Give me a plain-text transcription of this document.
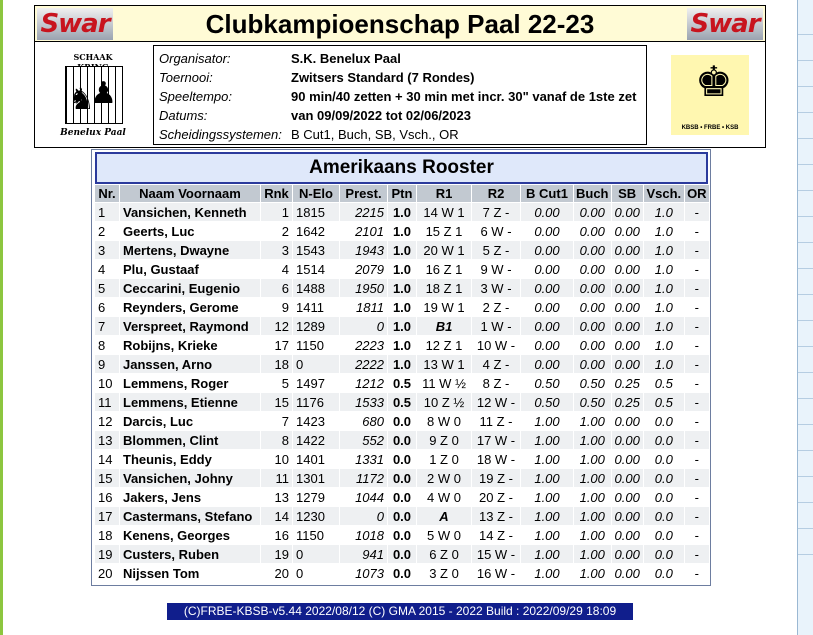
Swar	Clubkampioenschap Paal 22-23	Swar
SCHAAK
♞
♟
Benelux Paal
Organisator:	S.K. Benelux Paal
Toernooi:	Zwitsers Standard (7 Rondes)
Speeltempo:	90 min/40 zetten + 30 min met incr. 30" vanaf de 1ste zet
Datums:	van 09/09/2022 tot 02/06/2023
Scheidingssystemen: B Cut1, Buch, SB, Vsch., OR
♚
KBSB • FRBE • KSB
Amerikaans Rooster
Nr.	Naam Voornaam	Rnk	N-Elo	Prest.	Ptn	R1	R2	B Cut1	Buch	SB	Vsch.	OR
1	Vansichen, Kenneth	1	1815	2215	1.0	14 W 1	7 Z -	0.00	0.00	0.00	1.0	-
2	Geerts, Luc	2	1642	2101	1.0	15 Z 1	6 W -	0.00	0.00	0.00	1.0	-
3	Mertens, Dwayne	3	1543	1943	1.0	20 W 1	5 Z -	0.00	0.00	0.00	1.0	-
4	Plu, Gustaaf	4	1514	2079	1.0	16 Z 1	9 W -	0.00	0.00	0.00	1.0	-
5	Ceccarini, Eugenio	6	1488	1950	1.0	18 Z 1	3 W -	0.00	0.00	0.00	1.0	-
6	Reynders, Gerome	9	1411	1811	1.0	19 W 1	2 Z -	0.00	0.00	0.00	1.0	-
7	Verspreet, Raymond	12	1289	0	1.0	B1	1 W -	0.00	0.00	0.00	1.0	-
8	Robijns, Krieke	17	1150	2223	1.0	12 Z 1	10 W -	0.00	0.00	0.00	1.0	-
9	Janssen, Arno	18	0	2222	1.0	13 W 1	4 Z -	0.00	0.00	0.00	1.0	-
10	Lemmens, Roger	5	1497	1212	0.5	11 W ½	8 Z -	0.50	0.50	0.25	0.5	-
11	Lemmens, Etienne	15	1176	1533	0.5	10 Z ½	12 W -	0.50	0.50	0.25	0.5	-
12	Darcis, Luc	7	1423	680	0.0	8 W 0	11 Z -	1.00	1.00	0.00	0.0	-
13	Blommen, Clint	8	1422	552	0.0	9 Z 0	17 W -	1.00	1.00	0.00	0.0	-
14	Theunis, Eddy	10	1401	1331	0.0	1 Z 0	18 W -	1.00	1.00	0.00	0.0	-
15	Vansichen, Johny	11	1301	1172	0.0	2 W 0	19 Z -	1.00	1.00	0.00	0.0	-
16	Jakers, Jens	13	1279	1044	0.0	4 W 0	20 Z -	1.00	1.00	0.00	0.0	-
17	Castermans, Stefano	14	1230	0	0.0	A	13 Z -	1.00	1.00	0.00	0.0	-
18	Kenens, Georges	16	1150	1018	0.0	5 W 0	14 Z -	1.00	1.00	0.00	0.0	-
19	Custers, Ruben	19	0	941	0.0	6 Z 0	15 W -	1.00	1.00	0.00	0.0	-
20	Nijssen Tom	20	0	1073	0.0	3 Z 0	16 W -	1.00	1.00	0.00	0.0	-
(C)FRBE-KBSB-v5.44 2022/08/12 (C) GMA 2015 - 2022 Build : 2022/09/29 18:09
